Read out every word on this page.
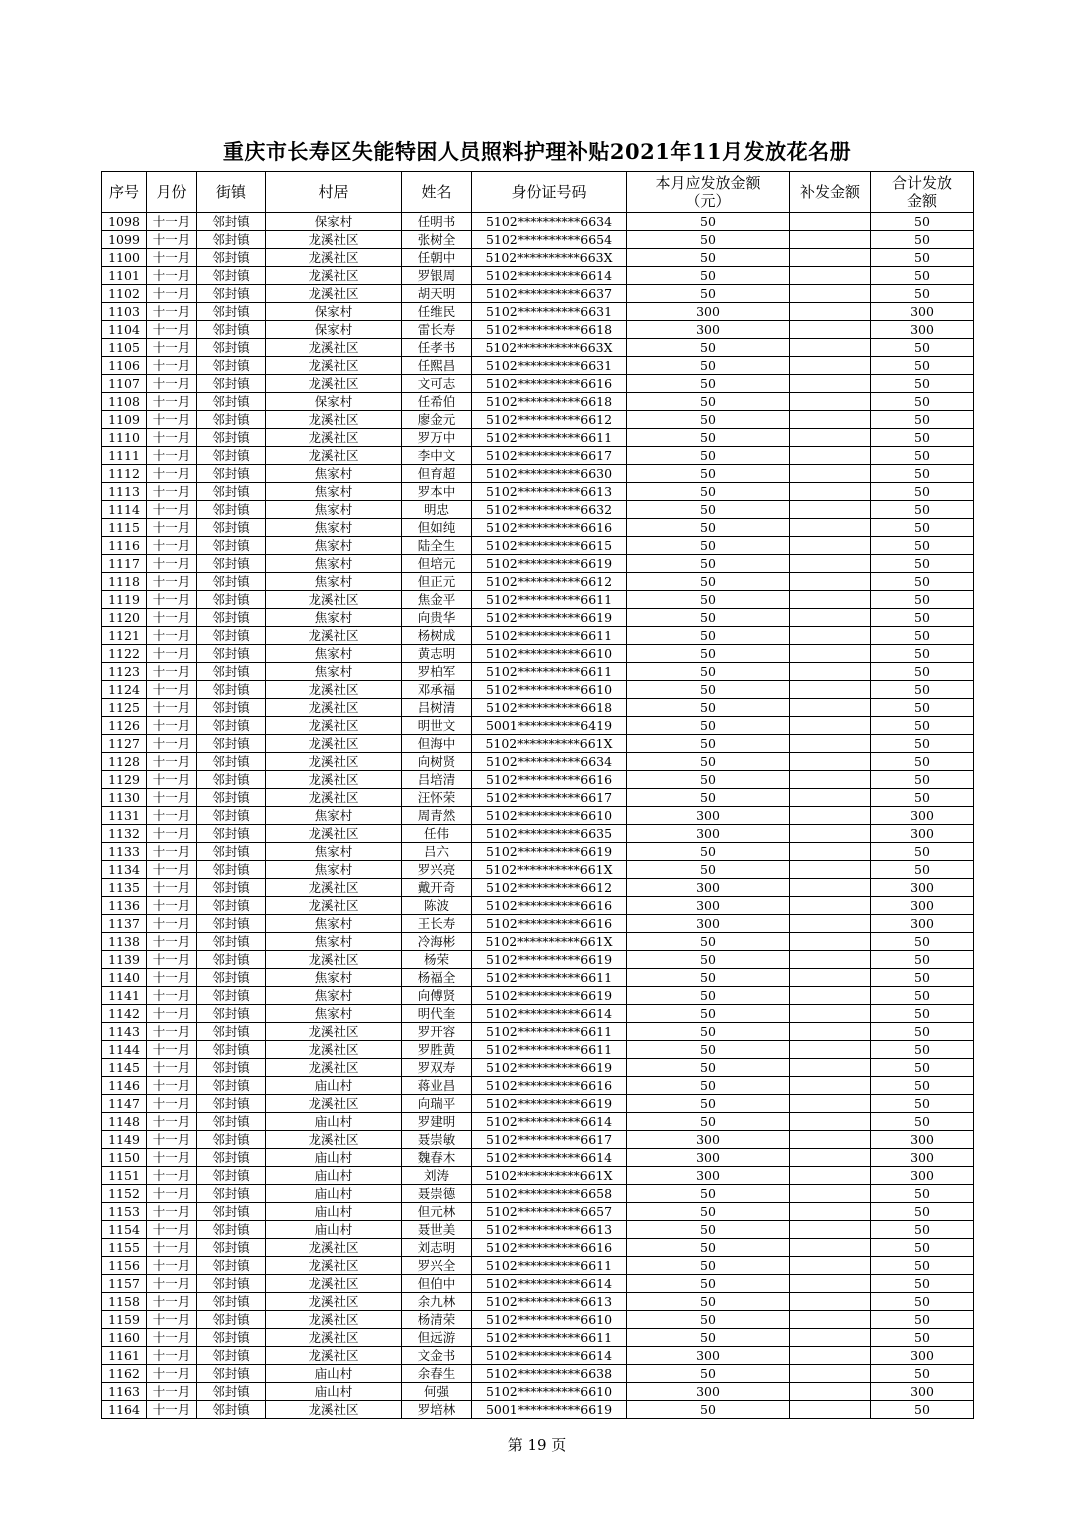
重庆市长寿区失能特困人员照料护理补贴2021年11月发放花名册
序号	月份	街镇	村居	姓名	身份证号码	本月应发放金额（元）	补发金额	合计发放金额
1098	十一月	邻封镇	保家村	任明书	5102**********6634	50		50
1099	十一月	邻封镇	龙溪社区	张树全	5102**********6654	50		50
1100	十一月	邻封镇	龙溪社区	任朝中	5102**********663X	50		50
1101	十一月	邻封镇	龙溪社区	罗银周	5102**********6614	50		50
1102	十一月	邻封镇	龙溪社区	胡天明	5102**********6637	50		50
1103	十一月	邻封镇	保家村	任维民	5102**********6631	300		300
1104	十一月	邻封镇	保家村	雷长寿	5102**********6618	300		300
1105	十一月	邻封镇	龙溪社区	任孝书	5102**********663X	50		50
1106	十一月	邻封镇	龙溪社区	任熙昌	5102**********6631	50		50
1107	十一月	邻封镇	龙溪社区	文可志	5102**********6616	50		50
1108	十一月	邻封镇	保家村	任希伯	5102**********6618	50		50
1109	十一月	邻封镇	龙溪社区	廖金元	5102**********6612	50		50
1110	十一月	邻封镇	龙溪社区	罗万中	5102**********6611	50		50
1111	十一月	邻封镇	龙溪社区	李中文	5102**********6617	50		50
1112	十一月	邻封镇	焦家村	但育超	5102**********6630	50		50
1113	十一月	邻封镇	焦家村	罗本中	5102**********6613	50		50
1114	十一月	邻封镇	焦家村	明忠	5102**********6632	50		50
1115	十一月	邻封镇	焦家村	但如纯	5102**********6616	50		50
1116	十一月	邻封镇	焦家村	陆全生	5102**********6615	50		50
1117	十一月	邻封镇	焦家村	但培元	5102**********6619	50		50
1118	十一月	邻封镇	焦家村	但正元	5102**********6612	50		50
1119	十一月	邻封镇	龙溪社区	焦金平	5102**********6611	50		50
1120	十一月	邻封镇	焦家村	向贵华	5102**********6619	50		50
1121	十一月	邻封镇	龙溪社区	杨树成	5102**********6611	50		50
1122	十一月	邻封镇	焦家村	黄志明	5102**********6610	50		50
1123	十一月	邻封镇	焦家村	罗柏军	5102**********6611	50		50
1124	十一月	邻封镇	龙溪社区	邓承福	5102**********6610	50		50
1125	十一月	邻封镇	龙溪社区	吕树清	5102**********6618	50		50
1126	十一月	邻封镇	龙溪社区	明世文	5001**********6419	50		50
1127	十一月	邻封镇	龙溪社区	但海中	5102**********661X	50		50
1128	十一月	邻封镇	龙溪社区	向树贤	5102**********6634	50		50
1129	十一月	邻封镇	龙溪社区	吕培清	5102**********6616	50		50
1130	十一月	邻封镇	龙溪社区	汪怀荣	5102**********6617	50		50
1131	十一月	邻封镇	焦家村	周青然	5102**********6610	300		300
1132	十一月	邻封镇	龙溪社区	任伟	5102**********6635	300		300
1133	十一月	邻封镇	焦家村	吕六	5102**********6619	50		50
1134	十一月	邻封镇	焦家村	罗兴亮	5102**********661X	50		50
1135	十一月	邻封镇	龙溪社区	戴开奇	5102**********6612	300		300
1136	十一月	邻封镇	龙溪社区	陈波	5102**********6616	300		300
1137	十一月	邻封镇	焦家村	王长寿	5102**********6616	300		300
1138	十一月	邻封镇	焦家村	冷海彬	5102**********661X	50		50
1139	十一月	邻封镇	龙溪社区	杨荣	5102**********6619	50		50
1140	十一月	邻封镇	焦家村	杨福全	5102**********6611	50		50
1141	十一月	邻封镇	焦家村	向傅贤	5102**********6619	50		50
1142	十一月	邻封镇	焦家村	明代奎	5102**********6614	50		50
1143	十一月	邻封镇	龙溪社区	罗开容	5102**********6611	50		50
1144	十一月	邻封镇	龙溪社区	罗胜黄	5102**********6611	50		50
1145	十一月	邻封镇	龙溪社区	罗双寿	5102**********6619	50		50
1146	十一月	邻封镇	庙山村	蒋业昌	5102**********6616	50		50
1147	十一月	邻封镇	龙溪社区	向瑞平	5102**********6619	50		50
1148	十一月	邻封镇	庙山村	罗建明	5102**********6614	50		50
1149	十一月	邻封镇	龙溪社区	聂崇敏	5102**********6617	300		300
1150	十一月	邻封镇	庙山村	魏春木	5102**********6614	300		300
1151	十一月	邻封镇	庙山村	刘涛	5102**********661X	300		300
1152	十一月	邻封镇	庙山村	聂崇德	5102**********6658	50		50
1153	十一月	邻封镇	庙山村	但元林	5102**********6657	50		50
1154	十一月	邻封镇	庙山村	聂世美	5102**********6613	50		50
1155	十一月	邻封镇	龙溪社区	刘志明	5102**********6616	50		50
1156	十一月	邻封镇	龙溪社区	罗兴全	5102**********6611	50		50
1157	十一月	邻封镇	龙溪社区	但伯中	5102**********6614	50		50
1158	十一月	邻封镇	龙溪社区	余九林	5102**********6613	50		50
1159	十一月	邻封镇	龙溪社区	杨清荣	5102**********6610	50		50
1160	十一月	邻封镇	龙溪社区	但远游	5102**********6611	50		50
1161	十一月	邻封镇	龙溪社区	文金书	5102**********6614	300		300
1162	十一月	邻封镇	庙山村	余春生	5102**********6638	50		50
1163	十一月	邻封镇	庙山村	何强	5102**********6610	300		300
1164	十一月	邻封镇	龙溪社区	罗培林	5001**********6619	50		50
第 19 页
